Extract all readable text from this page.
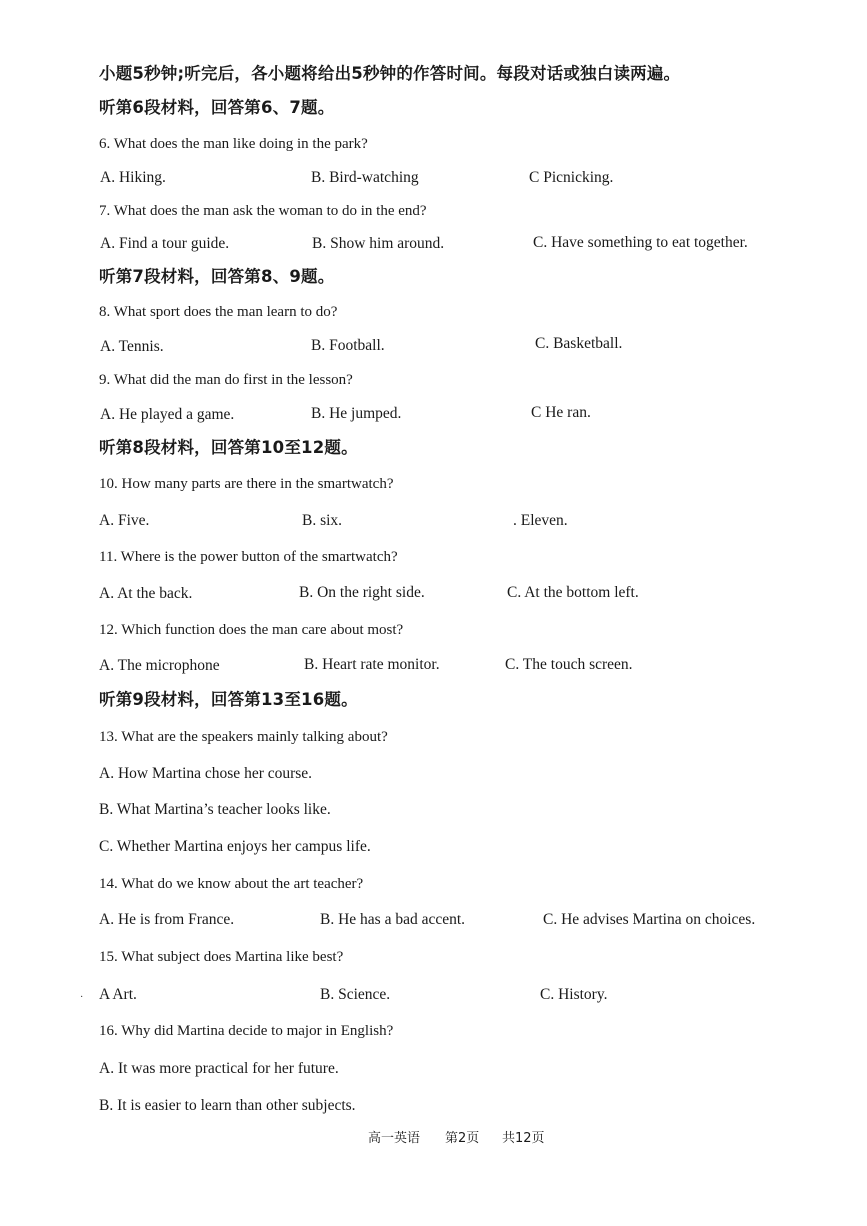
小题5秒钟;听完后，各小题将给出5秒钟的作答时间。每段对话或独白读两遍。
听第6段材料，回答第6、7题。
6. What does the man like doing in the park?
A. Hiking.	B. Bird-watching	C Picnicking.
7. What does the man ask the woman to do in the end?
A. Find a tour guide.	B. Show him around.	C. Have something to eat together.
听第7段材料，回答第8、9题。
8. What sport does the man learn to do?
A. Tennis.	B. Football.	C. Basketball.
9. What did the man do first in the lesson?
A. He played a game.	B. He jumped.	C He ran.
听第8段材料，回答第10至12题。
10. How many parts are there in the smartwatch?
A. Five.	B. six.	. Eleven.
11. Where is the power button of the smartwatch?
A. At the back.	B. On the right side.	C. At the bottom left.
12. Which function does the man care about most?
A. The microphone	B. Heart rate monitor.	C. The touch screen.
听第9段材料，回答第13至16题。
13. What are the speakers mainly talking about?
A. How Martina chose her course.
B. What Martina’s teacher looks like.
C. Whether Martina enjoys her campus life.
14. What do we know about the art teacher?
A. He is from France.	B. He has a bad accent.	C. He advises Martina on choices.
15. What subject does Martina like best?
· A Art.	B. Science.	C. History.
16. Why did Martina decide to major in English?
A. It was more practical for her future.
B. It is easier to learn than other subjects.
高一英语 第2页 共12页
